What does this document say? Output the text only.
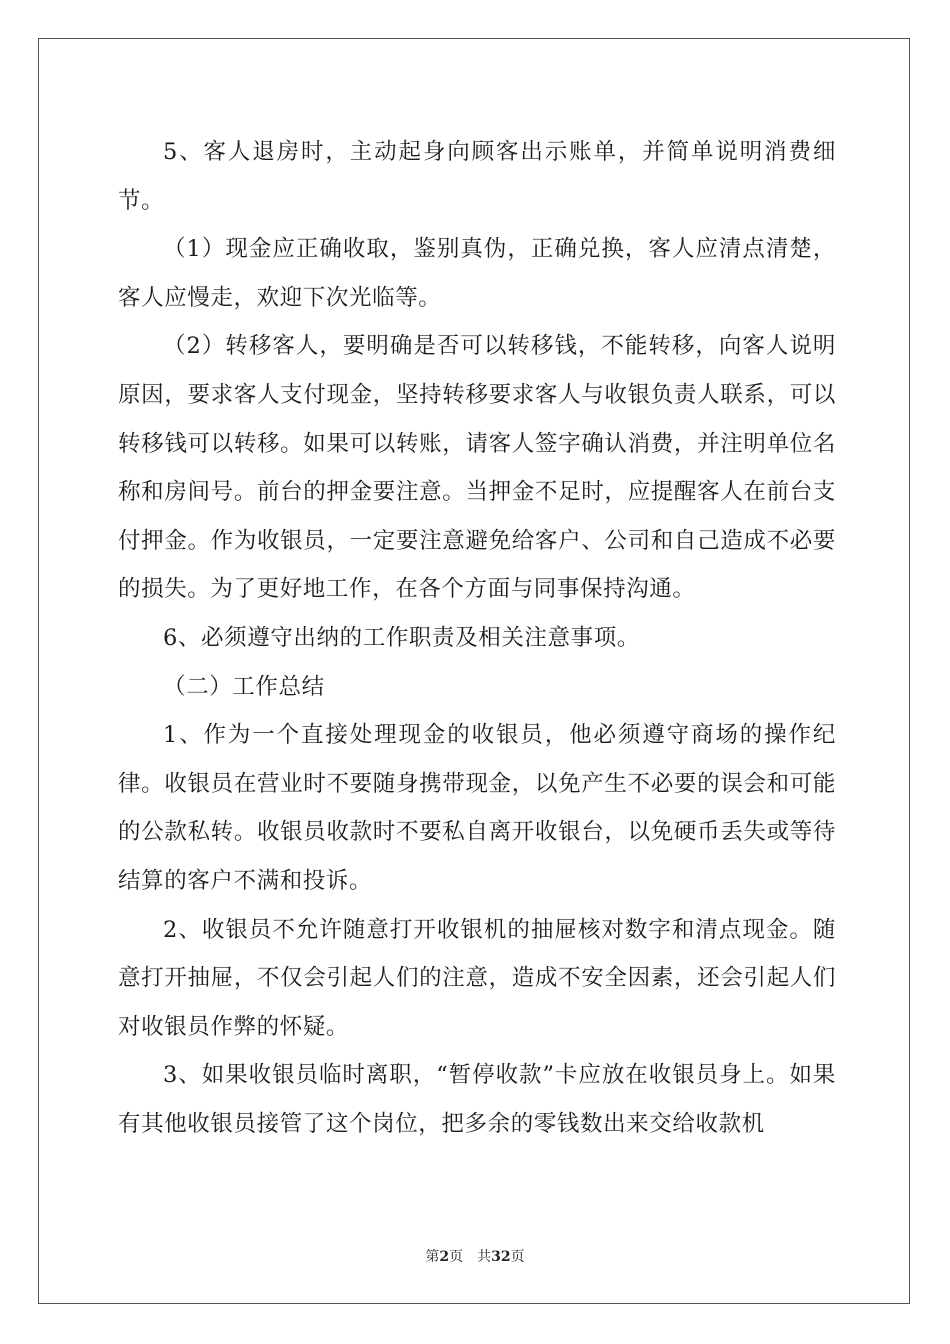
5、客人退房时，主动起身向顾客出示账单，并简单说明消费细节。

（1）现金应正确收取，鉴别真伪，正确兑换，客人应清点清楚，客人应慢走，欢迎下次光临等。

（2）转移客人，要明确是否可以转移钱，不能转移，向客人说明原因，要求客人支付现金，坚持转移要求客人与收银负责人联系，可以转移钱可以转移。如果可以转账，请客人签字确认消费，并注明单位名称和房间号。前台的押金要注意。当押金不足时，应提醒客人在前台支付押金。作为收银员，一定要注意避免给客户、公司和自己造成不必要的损失。为了更好地工作，在各个方面与同事保持沟通。

6、必须遵守出纳的工作职责及相关注意事项。

（二）工作总结

1、作为一个直接处理现金的收银员，他必须遵守商场的操作纪律。收银员在营业时不要随身携带现金，以免产生不必要的误会和可能的公款私转。收银员收款时不要私自离开收银台，以免硬币丢失或等待结算的客户不满和投诉。

2、收银员不允许随意打开收银机的抽屉核对数字和清点现金。随意打开抽屉，不仅会引起人们的注意，造成不安全因素，还会引起人们对收银员作弊的怀疑。

3、如果收银员临时离职，“暂停收款”卡应放在收银员身上。如果有其他收银员接管了这个岗位，把多余的零钱数出来交给收款机

第2页　共32页
